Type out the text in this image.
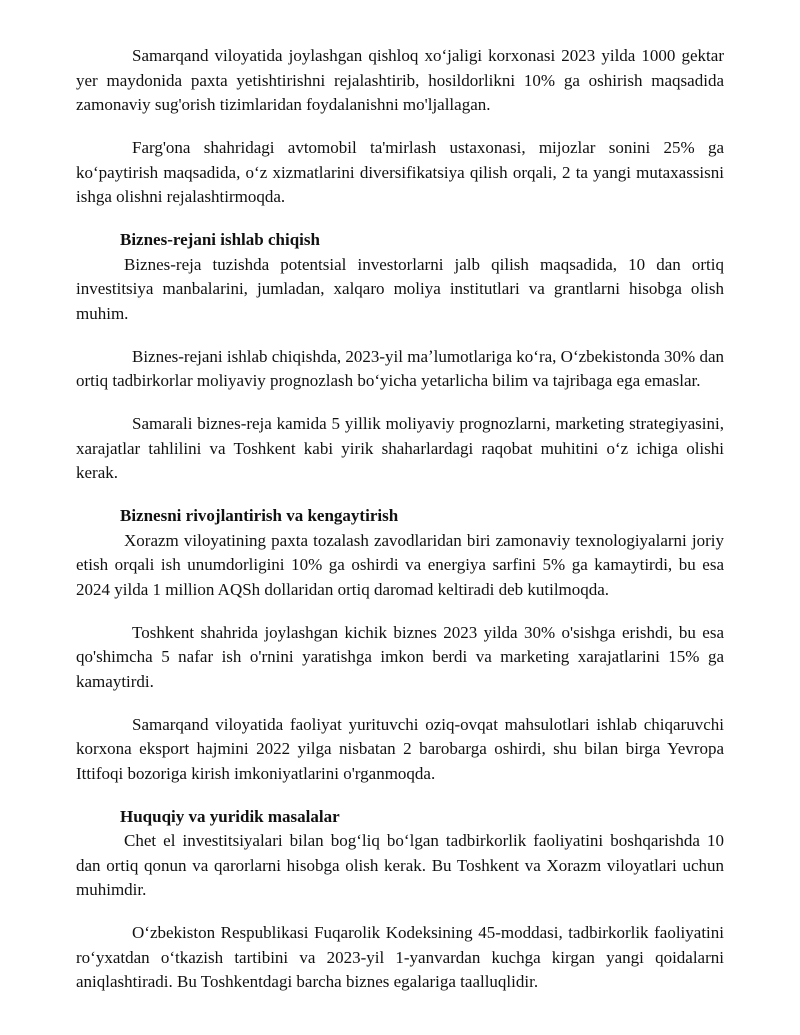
Samarqand viloyatida joylashgan qishloq xoʻjaligi korxonasi 2023 yilda 1000 gektar yer maydonida paxta yetishtirishni rejalashtirib, hosildorlikni 10% ga oshirish maqsadida zamonaviy sug'orish tizimlaridan foydalanishni mo'ljallagan.

Farg'ona shahridagi avtomobil ta'mirlash ustaxonasi, mijozlar sonini 25% ga koʻpaytirish maqsadida, oʻz xizmatlarini diversifikatsiya qilish orqali, 2 ta yangi mutaxassisni ishga olishni rejalashtirmoqda.

Biznes-rejani ishlab chiqish

Biznes-reja tuzishda potentsial investorlarni jalb qilish maqsadida, 10 dan ortiq investitsiya manbalarini, jumladan, xalqaro moliya institutlari va grantlarni hisobga olish muhim.

Biznes-rejani ishlab chiqishda, 2023-yil maʼlumotlariga koʻra, Oʻzbekistonda 30% dan ortiq tadbirkorlar moliyaviy prognozlash boʻyicha yetarlicha bilim va tajribaga ega emaslar.

Samarali biznes-reja kamida 5 yillik moliyaviy prognozlarni, marketing strategiyasini, xarajatlar tahlilini va Toshkent kabi yirik shaharlardagi raqobat muhitini oʻz ichiga olishi kerak.

Biznesni rivojlantirish va kengaytirish

Xorazm viloyatining paxta tozalash zavodlaridan biri zamonaviy texnologiyalarni joriy etish orqali ish unumdorligini 10% ga oshirdi va energiya sarfini 5% ga kamaytirdi, bu esa 2024 yilda 1 million AQSh dollaridan ortiq daromad keltiradi deb kutilmoqda.

Toshkent shahrida joylashgan kichik biznes 2023 yilda 30% o'sishga erishdi, bu esa qo'shimcha 5 nafar ish o'rnini yaratishga imkon berdi va marketing xarajatlarini 15% ga kamaytirdi.

Samarqand viloyatida faoliyat yurituvchi oziq-ovqat mahsulotlari ishlab chiqaruvchi korxona eksport hajmini 2022 yilga nisbatan 2 barobarga oshirdi, shu bilan birga Yevropa Ittifoqi bozoriga kirish imkoniyatlarini o'rganmoqda.

Huquqiy va yuridik masalalar

Chet el investitsiyalari bilan bogʻliq boʻlgan tadbirkorlik faoliyatini boshqarishda 10 dan ortiq qonun va qarorlarni hisobga olish kerak. Bu Toshkent va Xorazm viloyatlari uchun muhimdir.

Oʻzbekiston Respublikasi Fuqarolik Kodeksining 45-moddasi, tadbirkorlik faoliyatini roʻyxatdan oʻtkazish tartibini va 2023-yil 1-yanvardan kuchga kirgan yangi qoidalarni aniqlashtiradi. Bu Toshkentdagi barcha biznes egalariga taalluqlidir.
